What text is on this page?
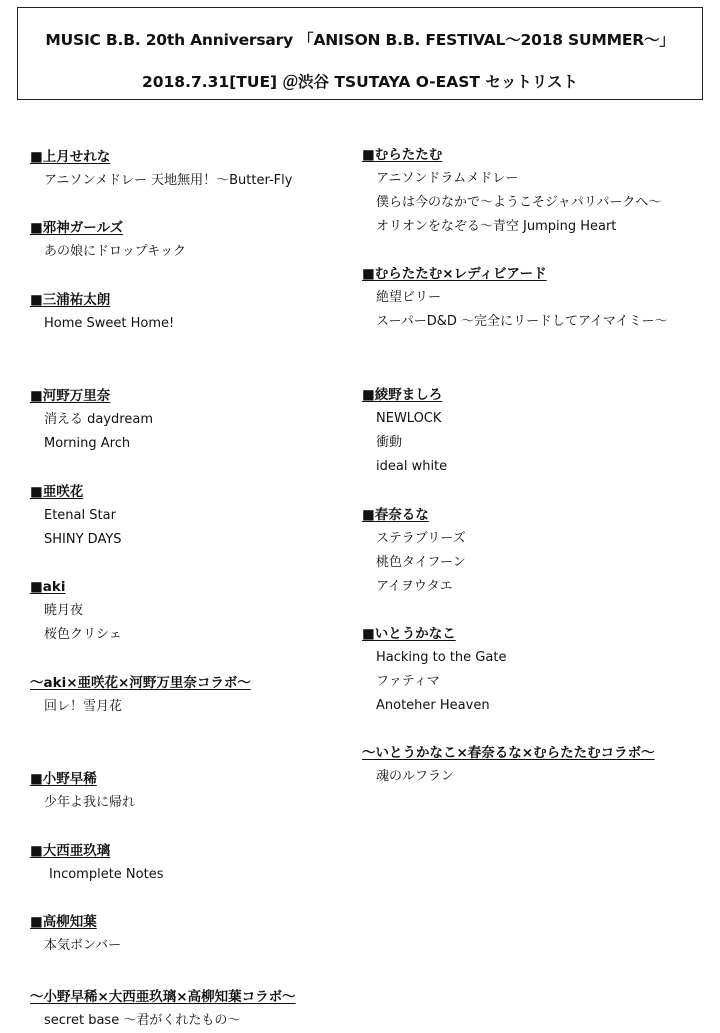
MUSIC B.B. 20th Anniversary 「ANISON B.B. FESTIVAL〜2018 SUMMER〜」
2018.7.31[TUE] ＠渋谷 TSUTAYA O-EAST セットリスト
■上月せれな
アニソンメドレー 天地無用！〜Butter-Fly
■邪神ガールズ
あの娘にドロップキック
■三浦祐太朗
Home Sweet Home!
■河野万里奈
消える daydream
Morning Arch
■亜咲花
Etenal Star
SHINY DAYS
■aki
暁月夜
桜色クリシェ
〜aki×亜咲花×河野万里奈コラボ〜
回レ！雪月花
■小野早稀
少年よ我に帰れ
■大西亜玖璃
Incomplete Notes
■高柳知葉
本気ボンバー
〜小野早稀×大西亜玖璃×高柳知葉コラボ〜
secret base 〜君がくれたもの〜
■むらたたむ
アニソンドラムメドレー
僕らは今のなかで〜ようこそジャパリパークへ〜
オリオンをなぞる〜青空 Jumping Heart
■むらたたむ×レディビアード
絶望ビリー
スーパーD&D 〜完全にリードしてアイマイミー〜
■綾野ましろ
NEWLOCK
衝動
ideal white
■春奈るな
ステラブリーズ
桃色タイフーン
アイヲウタエ
■いとうかなこ
Hacking to the Gate
ファティマ
Anoteher Heaven
〜いとうかなこ×春奈るな×むらたたむコラボ〜
魂のルフラン
